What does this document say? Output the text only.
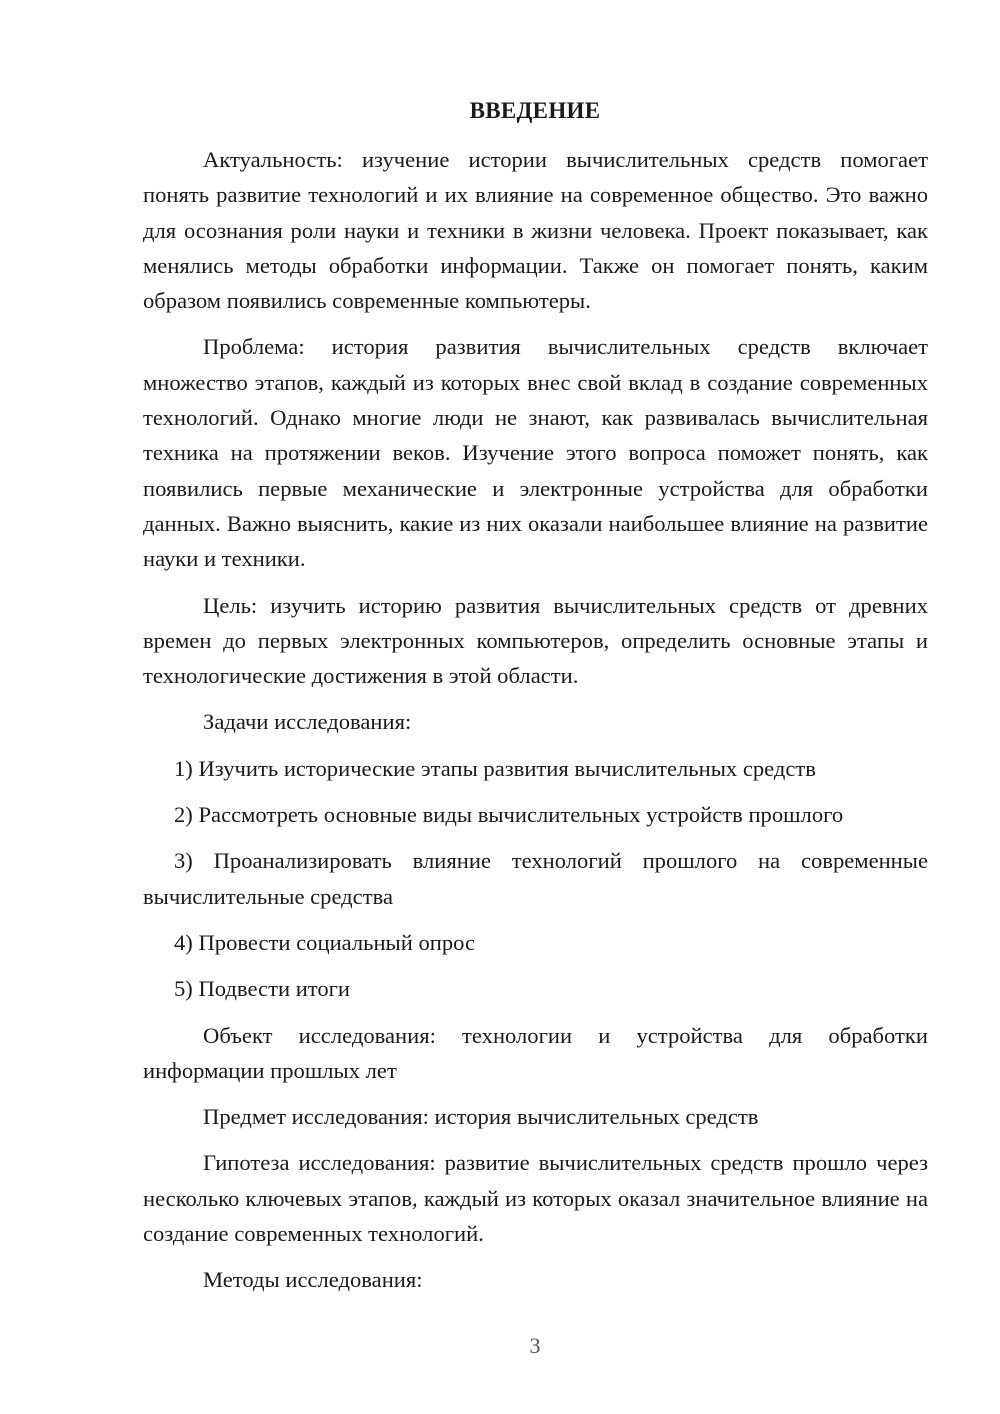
ВВЕДЕНИЕ

Актуальность: изучение истории вычислительных средств помогает понять развитие технологий и их влияние на современное общество. Это важно для осознания роли науки и техники в жизни человека. Проект показывает, как менялись методы обработки информации. Также он помогает понять, каким образом появились современные компьютеры.

Проблема: история развития вычислительных средств включает множество этапов, каждый из которых внес свой вклад в создание современных технологий. Однако многие люди не знают, как развивалась вычислительная техника на протяжении веков. Изучение этого вопроса поможет понять, как появились первые механические и электронные устройства для обработки данных. Важно выяснить, какие из них оказали наибольшее влияние на развитие науки и техники.

Цель: изучить историю развития вычислительных средств от древних времен до первых электронных компьютеров, определить основные этапы и технологические достижения в этой области.

Задачи исследования:

1) Изучить исторические этапы развития вычислительных средств

2) Рассмотреть основные виды вычислительных устройств прошлого

3) Проанализировать влияние технологий прошлого на современные вычислительные средства

4) Провести социальный опрос

5) Подвести итоги

Объект исследования: технологии и устройства для обработки информации прошлых лет

Предмет исследования: история вычислительных средств

Гипотеза исследования: развитие вычислительных средств прошло через несколько ключевых этапов, каждый из которых оказал значительное влияние на создание современных технологий.

Методы исследования:

3
